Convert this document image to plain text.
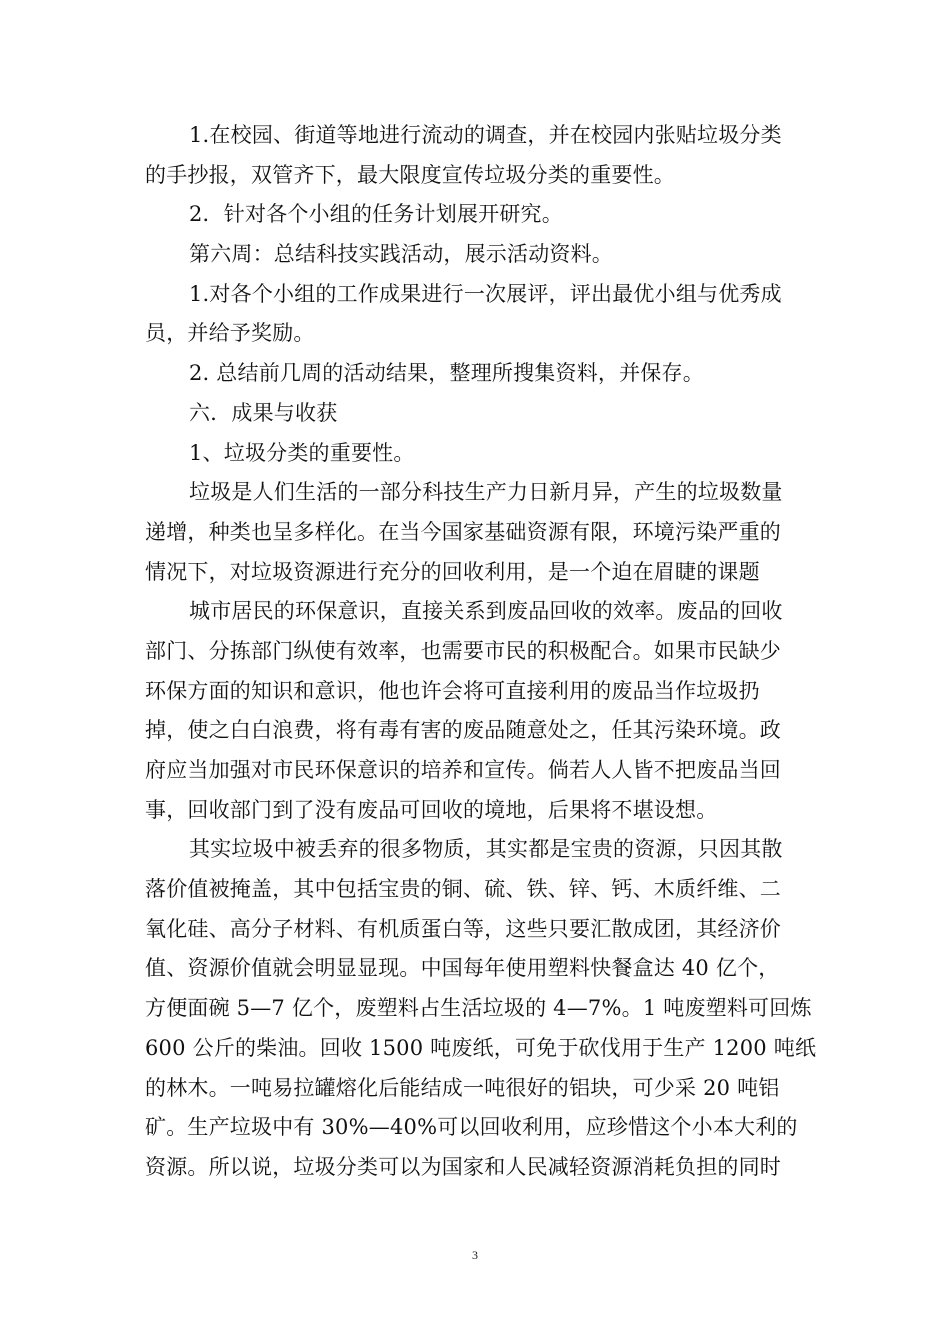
1.在校园、街道等地进行流动的调查，并在校园内张贴垃圾分类
的手抄报，双管齐下，最大限度宣传垃圾分类的重要性。
2．针对各个小组的任务计划展开研究。
第六周：总结科技实践活动，展示活动资料。
1.对各个小组的工作成果进行一次展评，评出最优小组与优秀成
员，并给予奖励。
2. 总结前几周的活动结果，整理所搜集资料，并保存。
六．成果与收获
1、垃圾分类的重要性。
垃圾是人们生活的一部分科技生产力日新月异，产生的垃圾数量
递增，种类也呈多样化。在当今国家基础资源有限，环境污染严重的
情况下，对垃圾资源进行充分的回收利用，是一个迫在眉睫的课题
城市居民的环保意识，直接关系到废品回收的效率。废品的回收
部门、分拣部门纵使有效率，也需要市民的积极配合。如果市民缺少
环保方面的知识和意识，他也许会将可直接利用的废品当作垃圾扔
掉，使之白白浪费，将有毒有害的废品随意处之，任其污染环境。政
府应当加强对市民环保意识的培养和宣传。倘若人人皆不把废品当回
事，回收部门到了没有废品可回收的境地，后果将不堪设想。
其实垃圾中被丢弃的很多物质，其实都是宝贵的资源，只因其散
落价值被掩盖，其中包括宝贵的铜、硫、铁、锌、钙、木质纤维、二
氧化硅、高分子材料、有机质蛋白等，这些只要汇散成团，其经济价
值、资源价值就会明显显现。中国每年使用塑料快餐盒达 40 亿个，
方便面碗 5—7 亿个，废塑料占生活垃圾的 4—7%。1 吨废塑料可回炼
600 公斤的柴油。回收 1500 吨废纸，可免于砍伐用于生产 1200 吨纸
的林木。一吨易拉罐熔化后能结成一吨很好的铝块，可少采 20 吨铝
矿。生产垃圾中有 30%—40%可以回收利用，应珍惜这个小本大利的
资源。所以说，垃圾分类可以为国家和人民减轻资源消耗负担的同时
3
